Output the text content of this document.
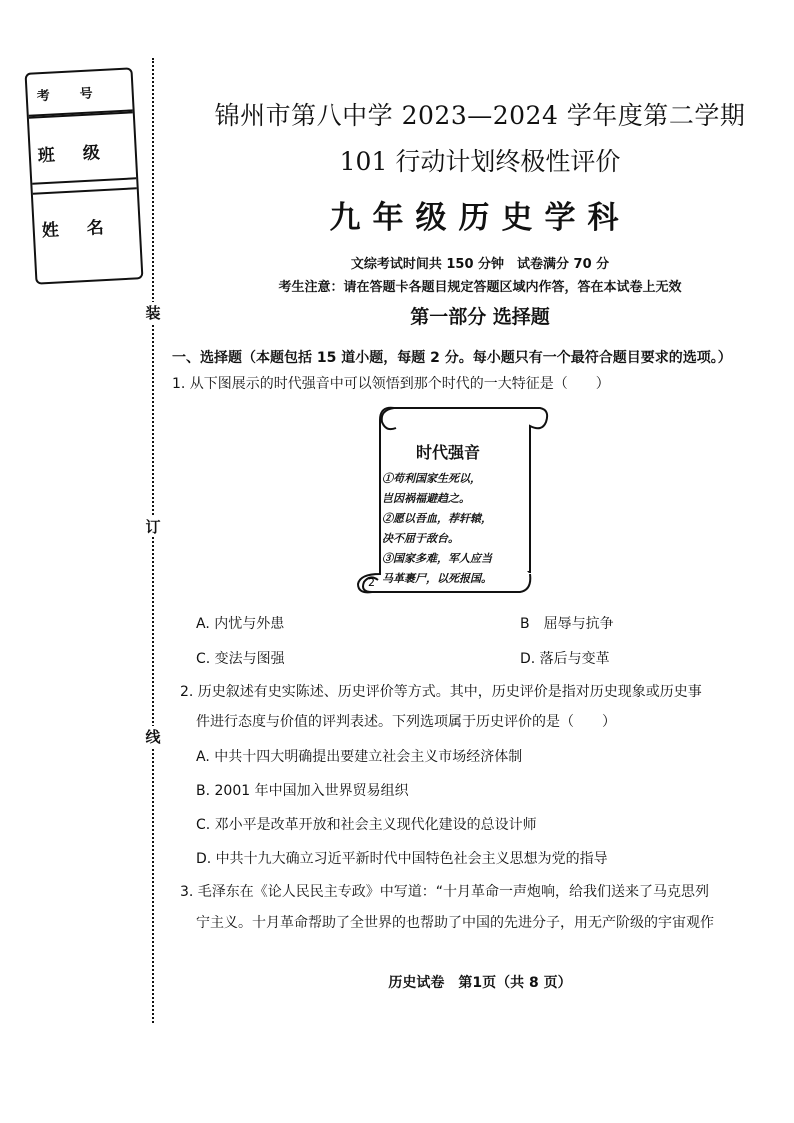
考号
班级
姓名
装
订
线
锦州市第八中学 2023—2024 学年度第二学期
101 行动计划终极性评价
九年级历史学科
文综考试时间共 150 分钟　试卷满分 70 分
考生注意：请在答题卡各题目规定答题区域内作答，答在本试卷上无效
第一部分 选择题
一、选择题（本题包括 15 道小题，每题 2 分。每小题只有一个最符合题目要求的选项。）
1. 从下图展示的时代强音中可以领悟到那个时代的一大特征是（　　）
2
时代强音
①苟利国家生死以，
岂因祸福避趋之。
②愿以吾血，荐轩辕，
决不屈于敌台。
③国家多难，军人应当
马革裹尸，以死报国。
A. 内忧与外患	B　屈辱与抗争
C. 变法与图强	D. 落后与变革
2. 历史叙述有史实陈述、历史评价等方式。其中，历史评价是指对历史现象或历史事
件进行态度与价值的评判表述。下列选项属于历史评价的是（　　）
A. 中共十四大明确提出要建立社会主义市场经济体制
B. 2001 年中国加入世界贸易组织
C. 邓小平是改革开放和社会主义现代化建设的总设计师
D. 中共十九大确立习近平新时代中国特色社会主义思想为党的指导
3. 毛泽东在《论人民民主专政》中写道：“十月革命一声炮响，给我们送来了马克思列
宁主义。十月革命帮助了全世界的也帮助了中国的先进分子，用无产阶级的宇宙观作
历史试卷　第1页（共 8 页）
